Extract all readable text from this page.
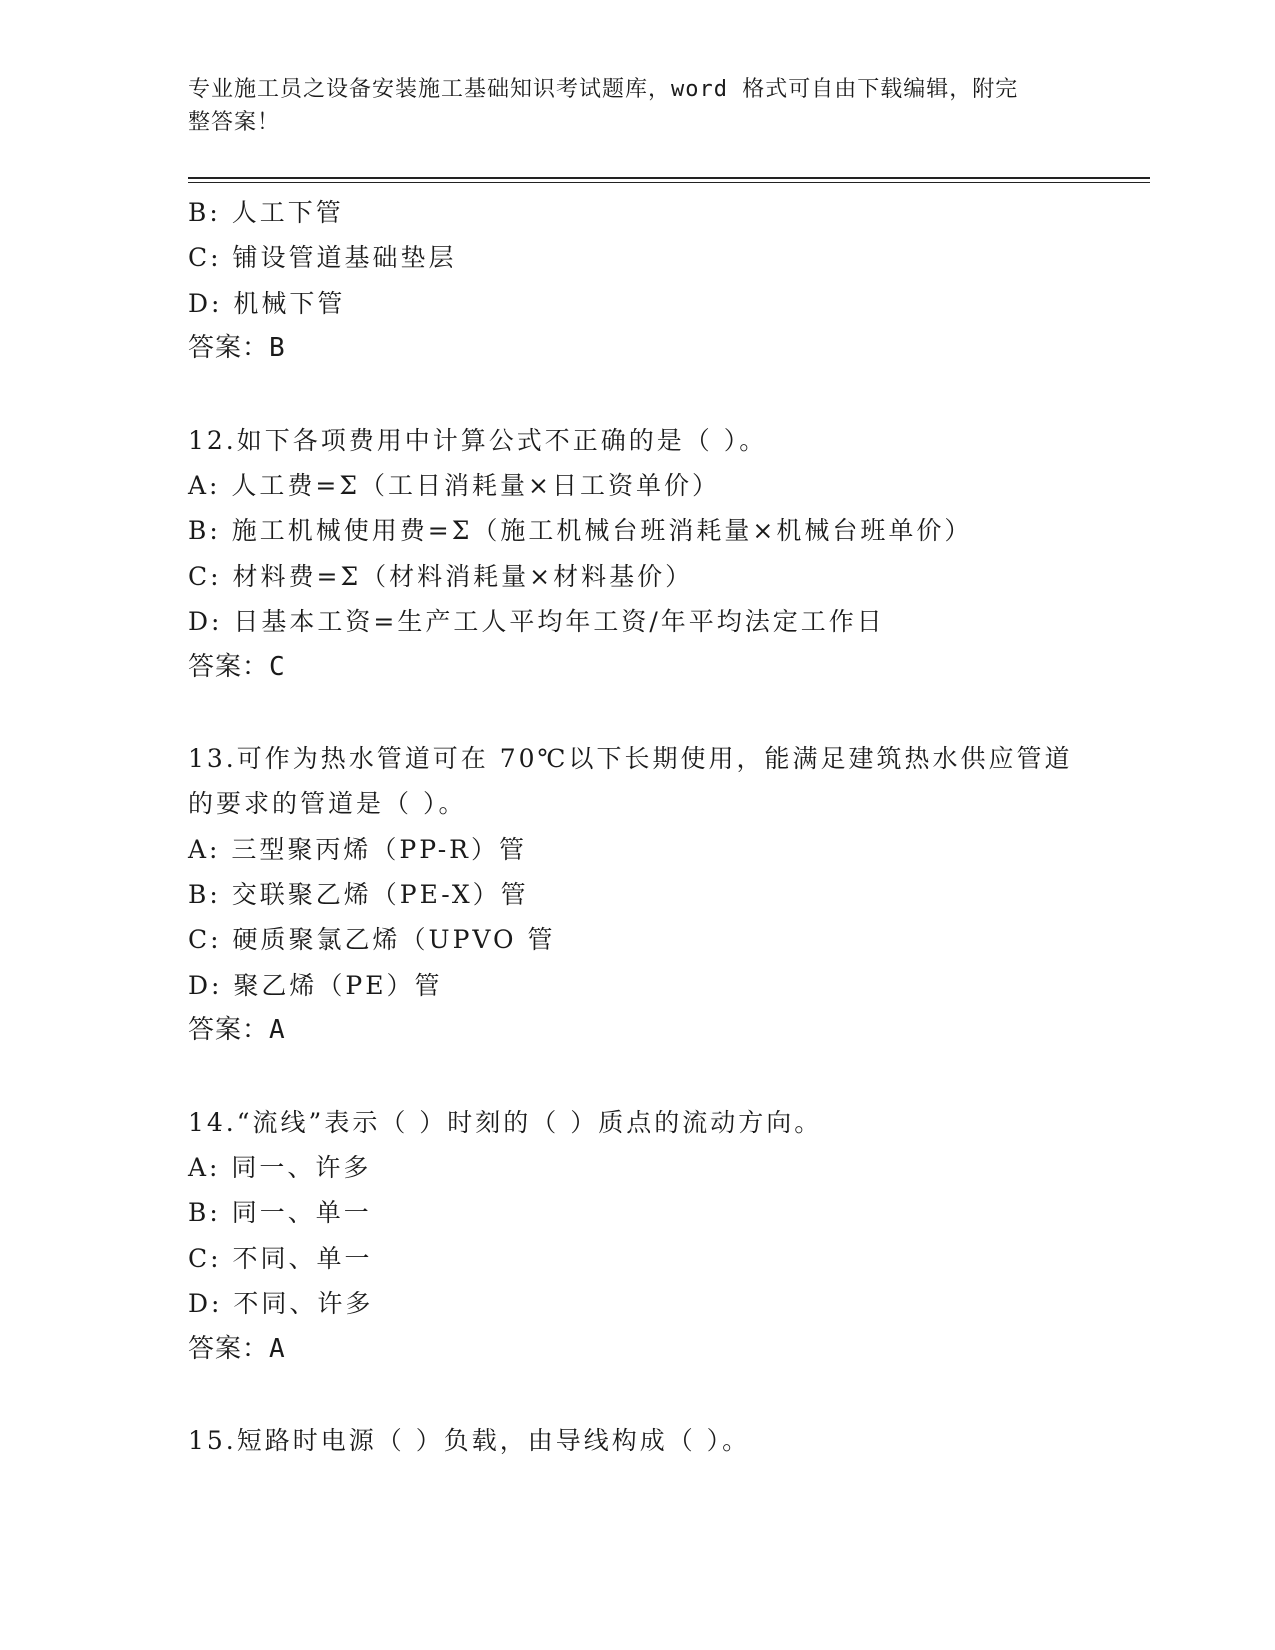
专业施工员之设备安装施工基础知识考试题库，word 格式可自由下载编辑，附完
整答案！
B: 人工下管
C: 铺设管道基础垫层
D: 机械下管
答案：B
12.如下各项费用中计算公式不正确的是（ ）。
A: 人工费=Σ（工日消耗量×日工资单价）
B: 施工机械使用费=Σ（施工机械台班消耗量×机械台班单价）
C: 材料费=Σ（材料消耗量×材料基价）
D: 日基本工资=生产工人平均年工资/年平均法定工作日
答案：C
13.可作为热水管道可在 70℃以下长期使用，能满足建筑热水供应管道
的要求的管道是（ ）。
A: 三型聚丙烯（PP-R）管
B: 交联聚乙烯（PE-X）管
C: 硬质聚氯乙烯（UPVO 管
D: 聚乙烯（PE）管
答案：A
14.“流线”表示（ ）时刻的（ ）质点的流动方向。
A: 同一、许多
B: 同一、单一
C: 不同、单一
D: 不同、许多
答案：A
15.短路时电源（ ）负载，由导线构成（ ）。
